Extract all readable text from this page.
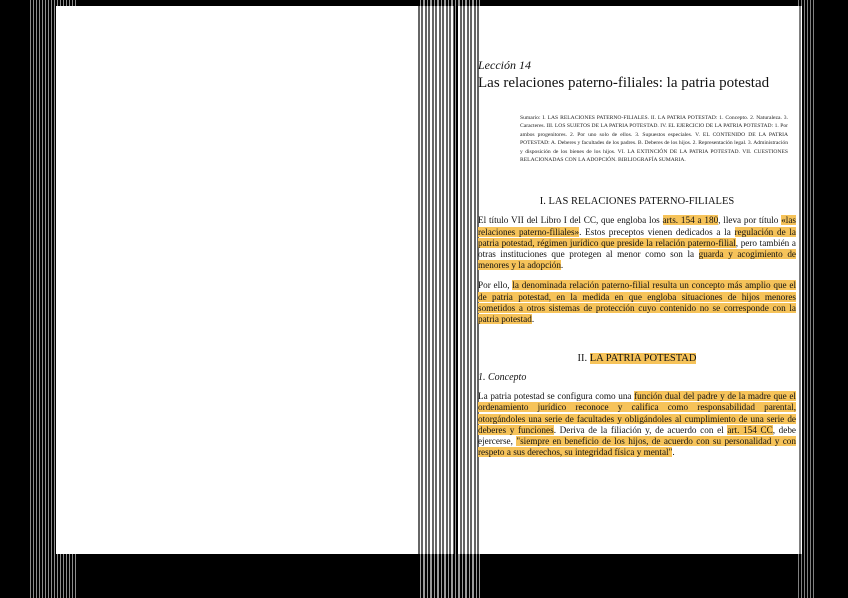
Lección 14

Las relaciones paterno-filiales: la patria potestad

Sumario: I. LAS RELACIONES PATERNO-FILIALES. II. LA PATRIA POTESTAD: 1. Concepto. 2. Naturaleza. 3. Caracteres. III. LOS SUJETOS DE LA PATRIA POTESTAD. IV. EL EJERCICIO DE LA PATRIA POTESTAD: 1. Por ambos progenitores. 2. Por uno solo de ellos. 3. Supuestos especiales. V. EL CONTENIDO DE LA PATRIA POTESTAD: A. Deberes y facultades de los padres. B. Deberes de los hijos. 2. Representación legal. 3. Administración y disposición de los bienes de los hijos. VI. LA EXTINCIÓN DE LA PATRIA POTESTAD. VII. CUESTIONES RELACIONADAS CON LA ADOPCIÓN. BIBLIOGRAFÍA SUMARIA.

I. LAS RELACIONES PATERNO-FILIALES

El título VII del Libro I del CC, que engloba los arts. 154 a 180, lleva por título «las relaciones paterno-filiales». Estos preceptos vienen dedicados a la regulación de la patria potestad, régimen jurídico que preside la relación paterno-filial, pero también a otras instituciones que protegen al menor como son la guarda y acogimiento de menores y la adopción.

Por ello, la denominada relación paterno-filial resulta un concepto más amplio que el de patria potestad, en la medida en que engloba situaciones de hijos menores sometidos a otros sistemas de protección cuyo contenido no se corresponde con la patria potestad.

II. LA PATRIA POTESTAD

1. Concepto

La patria potestad se configura como una función dual del padre y de la madre que el ordenamiento jurídico reconoce y califica como responsabilidad parental, otorgándoles una serie de facultades y obligándoles al cumplimiento de una serie de deberes y funciones. Deriva de la filiación y, de acuerdo con el art. 154 CC, debe ejercerse, "siempre en beneficio de los hijos, de acuerdo con su personalidad y con respeto a sus derechos, su integridad física y mental".
